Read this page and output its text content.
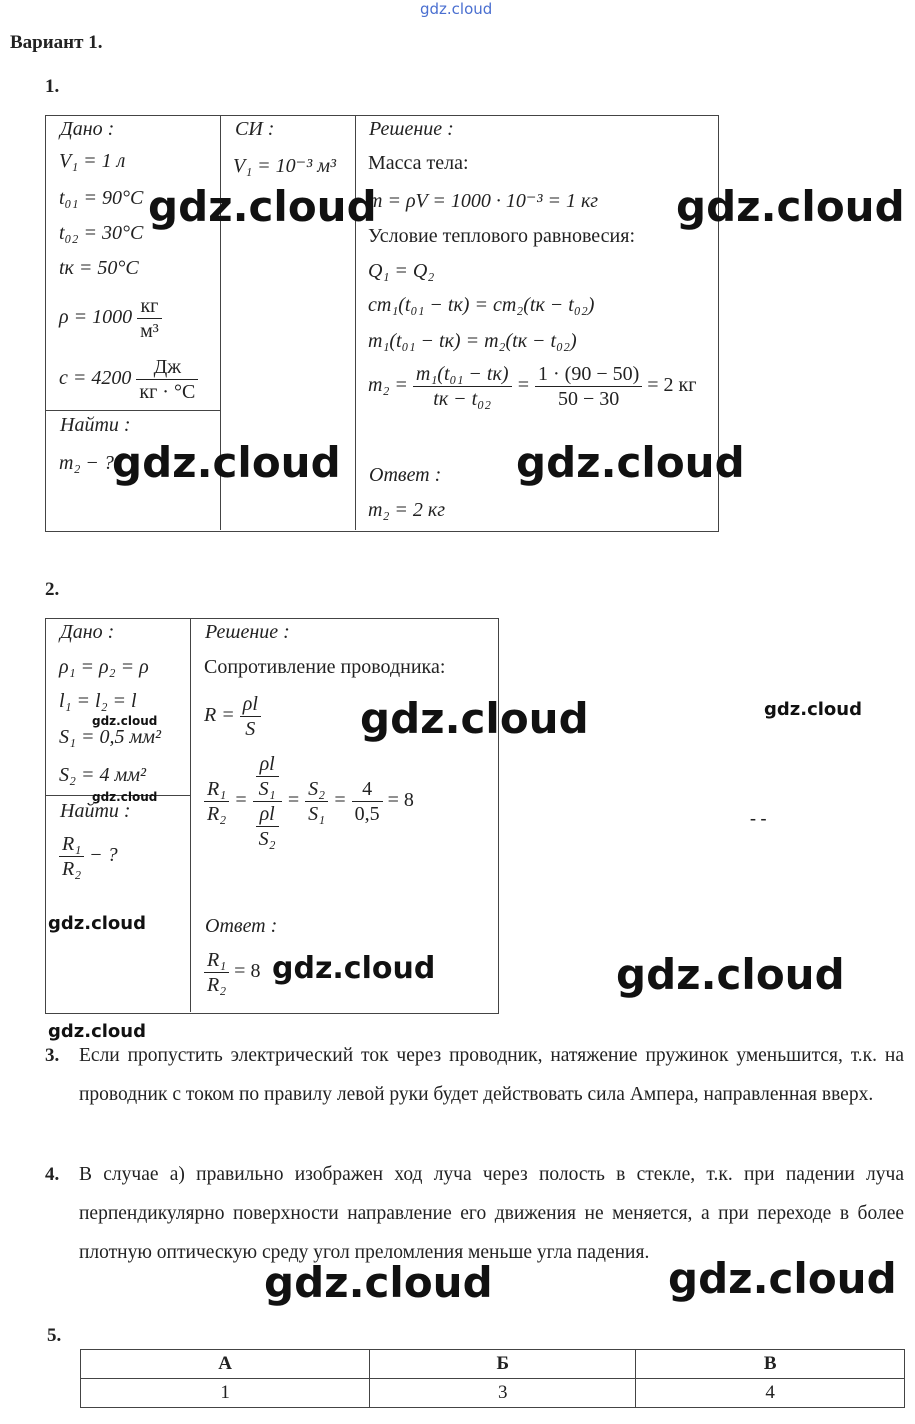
gdz.cloud
gdz.cloud	gdz.cloud
gdz.cloud	gdz.cloud
gdz.cloud	gdz.cloud
gdz.cloud
gdz.cloud
gdz.cloud
gdz.cloud	gdz.cloud
gdz.cloud
gdz.cloud	gdz.cloud
Вариант 1.
1.
Дано :
V₁ = 1 л
t₀₁ = 90°C
t₀₂ = 30°C
tк = 50°C
$\rho = 1000 \frac{кг}{\text{м³}}$
$c = 4200 \frac{Дж}{кг \cdot ^\circ C}$
Найти :
m₂ − ?
СИ :
V₁ = 10⁻³ м³
Решение :
Масса тела:
m = ρV = 1000 · 10⁻³ = 1 кг
Условие теплового равновесия:
Q₁ = Q₂
cm₁(t₀₁ − tк) = cm₂(tк − t₀₂)
m₁(t₀₁ − tк) = m₂(tк − t₀₂)
$m_2 = \frac{\text{m₁(t₀₁ − tк)}}{\text{tк − t₀₂}} = \frac{1 \cdot (90 - 50)}{50 - 30} = 2$ кг
Ответ :
m₂ = 2 кг
2.
Дано :
ρ₁ = ρ₂ = ρ
l₁ = l₂ = l
S₁ = 0,5 мм²
S₂ = 4 мм²
Найти :
$\frac{\text{R₁}}{\text{R₂}}$ − ?
Решение :
Сопротивление проводника:
$R = \frac{\rho l}{S}$
$\frac{\text{R₁}}{\text{R₂}} = \frac{\frac{\rho l}{\text{S₁}}}{\frac{\rho l}{\text{S₂}}} = \frac{\text{S₂}}{\text{S₁}} = \frac{4}{0,5} = 8$
Ответ :
$\frac{\text{R₁}}{\text{R₂}} = 8$
- -
3. Если пропустить электрический ток через проводник, натяжение пружинок уменьшится, т.к. на проводник с током по правилу левой руки будет действовать сила Ампера, направленная вверх.
4. В случае а) правильно изображен ход луча через полость в стекле, т.к. при падении луча перпендикулярно поверхности направление его движения не меняется, а при переходе в более плотную оптическую среду угол преломления меньше угла падения.
5.
А	Б	В
1	3	4
